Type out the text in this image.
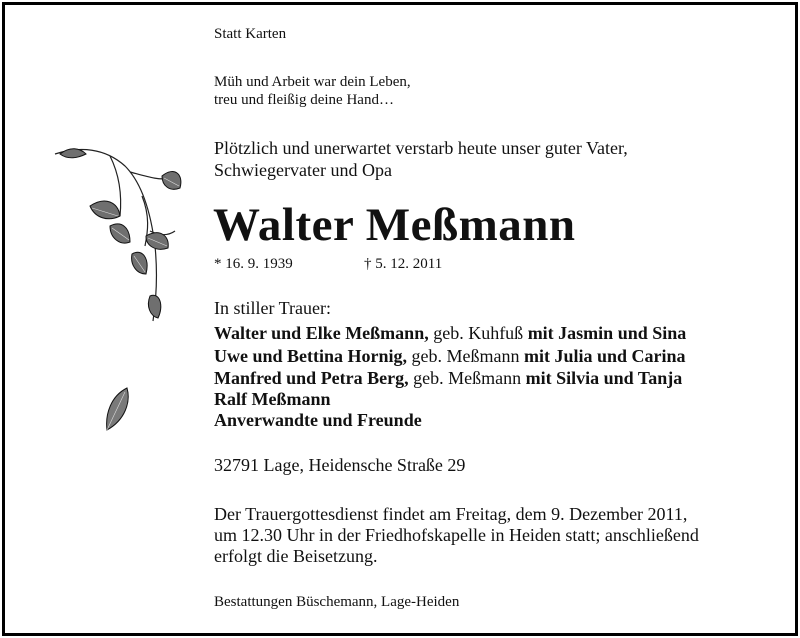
Statt Karten
Müh und Arbeit war dein Leben,
treu und fleißig deine Hand…
Plötzlich und unerwartet verstarb heute unser guter Vater,
Schwiegervater und Opa
Walter Meßmann
* 16. 9. 1939	† 5. 12. 2011
In stiller Trauer:
Walter und Elke Meßmann, geb. Kuhfuß mit Jasmin und Sina
Uwe und Bettina Hornig, geb. Meßmann mit Julia und Carina
Manfred und Petra Berg, geb. Meßmann mit Silvia und Tanja
Ralf Meßmann
Anverwandte und Freunde
32791 Lage, Heidensche Straße 29
Der Trauergottesdienst findet am Freitag, dem 9. Dezember 2011,
um 12.30 Uhr in der Friedhofskapelle in Heiden statt; anschließend
erfolgt die Beisetzung.
Bestattungen Büschemann, Lage-Heiden
